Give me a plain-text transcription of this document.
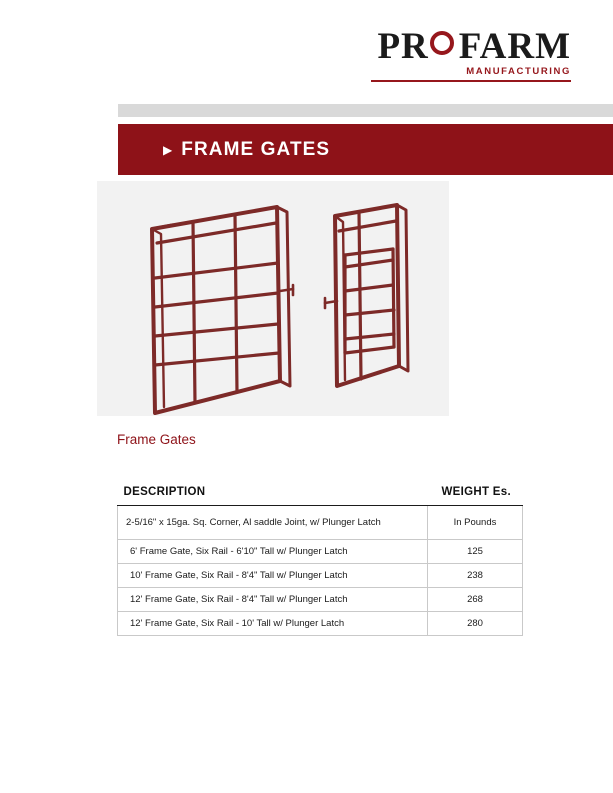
PR FARM
MANUFACTURING
▶ FRAME GATES
Frame Gates
DESCRIPTION	WEIGHT Es.
2-5/16" x 15ga. Sq. Corner, Al saddle Joint, w/ Plunger Latch	In Pounds
6' Frame Gate, Six Rail - 6'10" Tall w/ Plunger Latch	125
10' Frame Gate, Six Rail - 8'4" Tall w/ Plunger Latch	238
12' Frame Gate, Six Rail - 8'4" Tall w/ Plunger Latch	268
12' Frame Gate, Six Rail - 10' Tall w/ Plunger Latch	280
